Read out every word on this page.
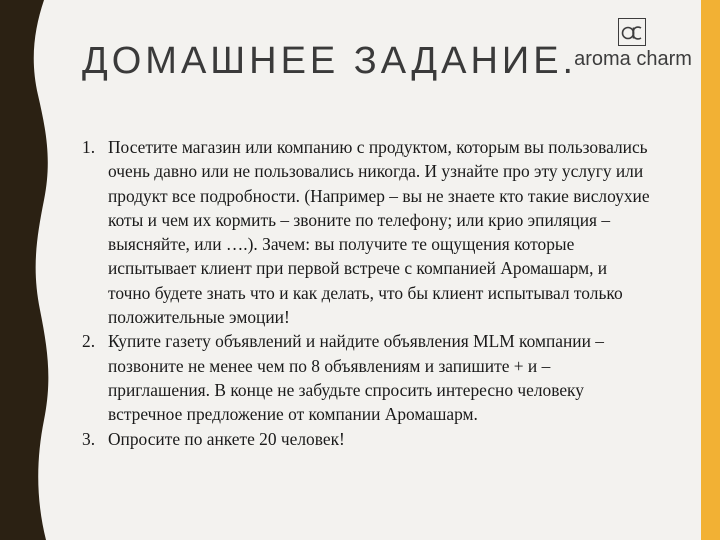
ДОМАШНЕЕ ЗАДАНИЕ.
aroma charm
1. Посетите магазин или компанию с продуктом, которым вы пользовались очень давно или не пользовались никогда. И узнайте про эту услугу или продукт все подробности. (Например – вы не знаете кто такие вислоухие коты и чем их кормить – звоните по телефону; или крио эпиляция – выясняйте, или ….). Зачем: вы получите те ощущения которые испытывает клиент при первой встрече с компанией Аромашарм, и точно будете знать что и как делать, что бы клиент испытывал только положительные эмоции!
2. Купите газету объявлений и найдите объявления MLM компании – позвоните не менее чем по 8 объявлениям и запишите + и – приглашения. В конце не забудьте спросить интересно человеку встречное предложение от компании Аромашарм.
3. Опросите по анкете 20 человек!
